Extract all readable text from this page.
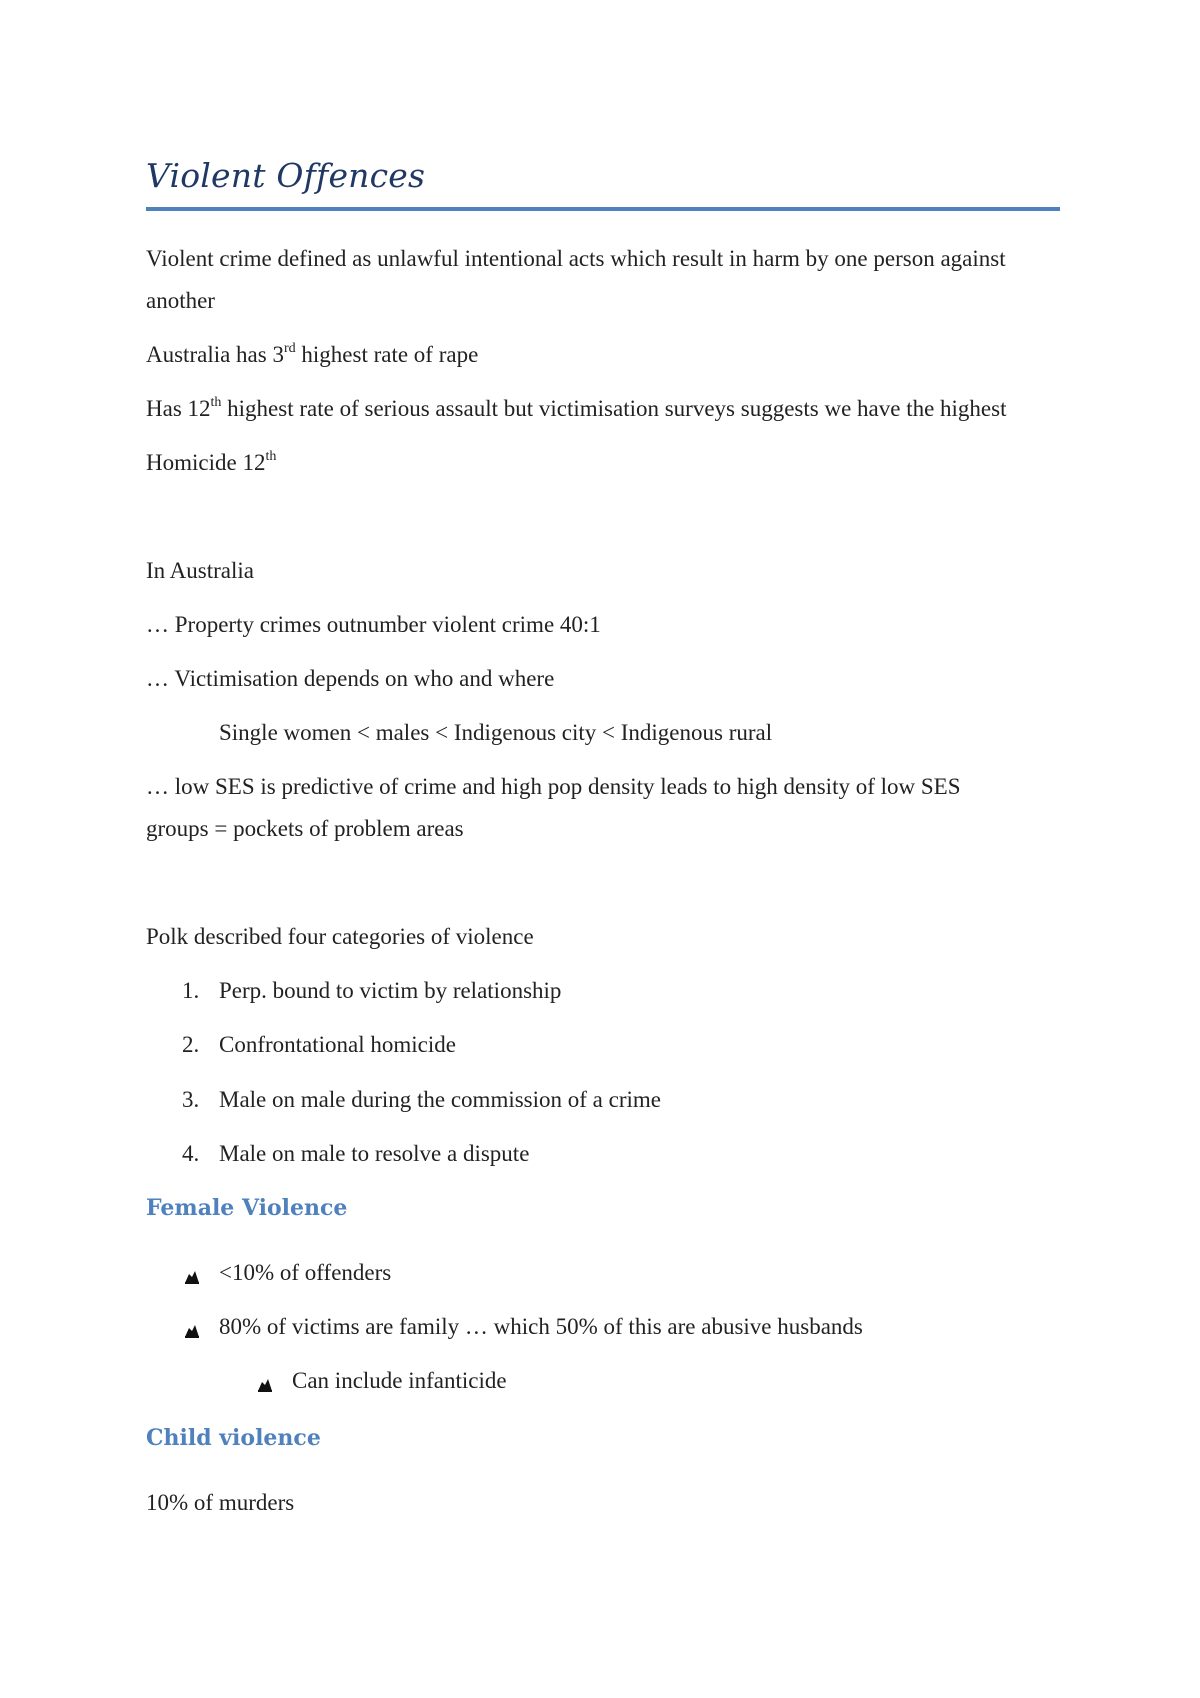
Violent Offences
Violent crime defined as unlawful intentional acts which result in harm by one person against
another
Australia has 3rd highest rate of rape
Has 12th highest rate of serious assault but victimisation surveys suggests we have the highest
Homicide 12th
In Australia
… Property crimes outnumber violent crime 40:1
… Victimisation depends on who and where
Single women < males < Indigenous city < Indigenous rural
… low SES is predictive of crime and high pop density leads to high density of low SES
groups = pockets of problem areas
Polk described four categories of violence
1. Perp. bound to victim by relationship
2. Confrontational homicide
3. Male on male during the commission of a crime
4. Male on male to resolve a dispute
Female Violence
<10% of offenders
80% of victims are family … which 50% of this are abusive husbands
Can include infanticide
Child violence
10% of murders
